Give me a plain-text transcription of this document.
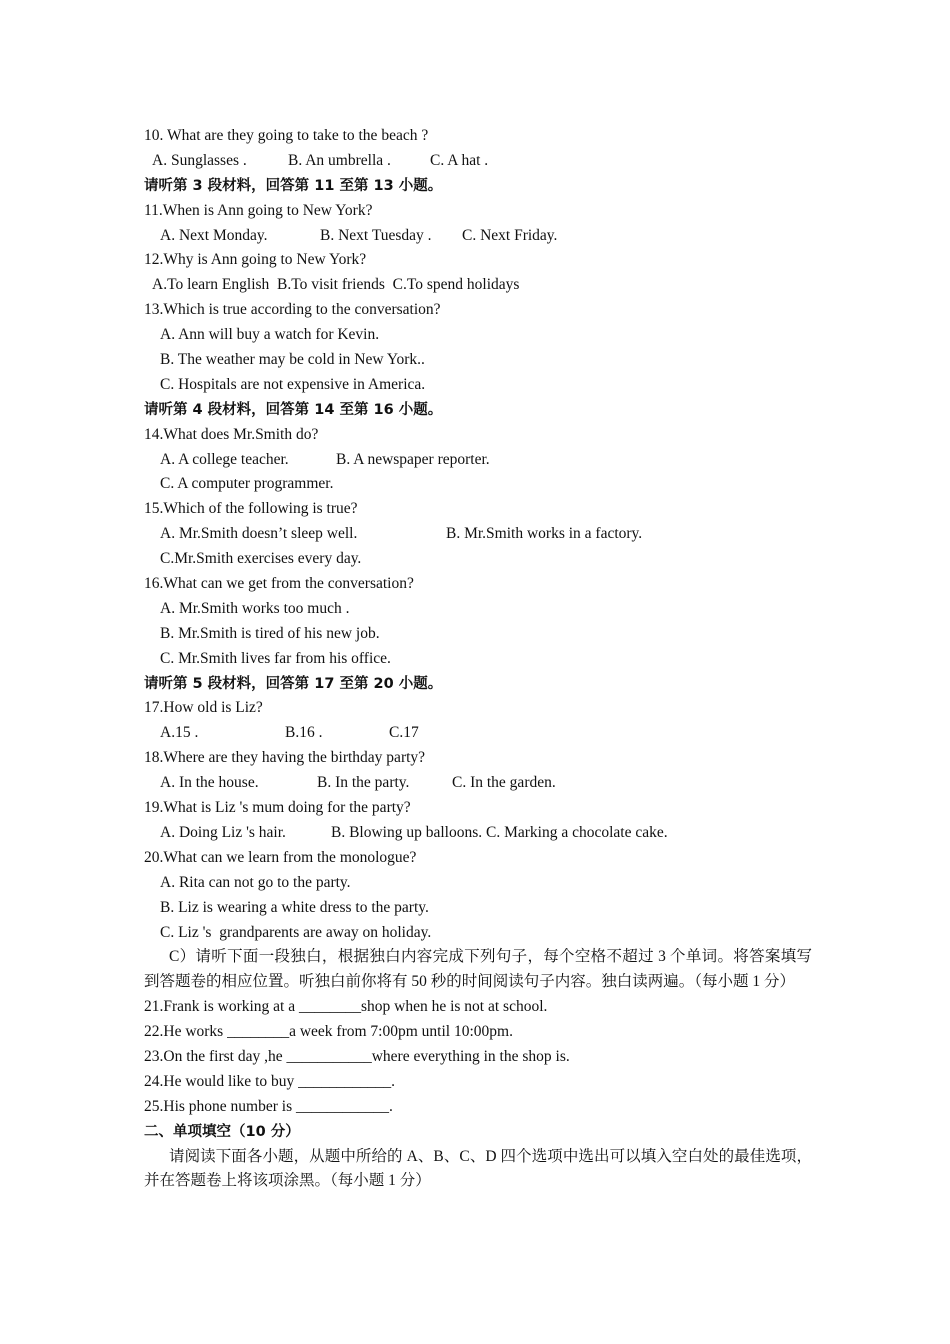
10. What are they going to take to the beach ?
A. Sunglasses .	B. An umbrella .	C. A hat .
请听第 3 段材料，回答第 11 至第 13 小题。
11.When is Ann going to New York?
A. Next Monday.	B. Next Tuesday . C. Next Friday.
12.Why is Ann going to New York?
A.To learn English  B.To visit friends  C.To spend holidays
13.Which is true according to the conversation?
A. Ann will buy a watch for Kevin.
B. The weather may be cold in New York..
C. Hospitals are not expensive in America.
请听第 4 段材料，回答第 14 至第 16 小题。
14.What does Mr.Smith do?
A. A college teacher.	B. A newspaper reporter.
C. A computer programmer.
15.Which of the following is true?
A. Mr.Smith doesn’t sleep well.	B. Mr.Smith works in a factory.
C.Mr.Smith exercises every day.
16.What can we get from the conversation?
A. Mr.Smith works too much .
B. Mr.Smith is tired of his new job.
C. Mr.Smith lives far from his office.
请听第 5 段材料，回答第 17 至第 20 小题。
17.How old is Liz?
A.15 .	B.16 .	C.17
18.Where are they having the birthday party?
A. In the house.	B. In the party.	C. In the garden.
19.What is Liz 's mum doing for the party?
A. Doing Liz 's hair.	B. Blowing up balloons. C. Marking a chocolate cake.
20.What can we learn from the monologue?
A. Rita can not go to the party.
B. Liz is wearing a white dress to the party.
C. Liz 's  grandparents are away on holiday.
C）请听下面一段独白，根据独白内容完成下列句子，每个空格不超过 3 个单词。将答案填写到答题卷的相应位置。听独白前你将有 50 秒的时间阅读句子内容。独白读两遍。（每小题 1 分）
21.Frank is working at a ________shop when he is not at school.
22.He works ________a week from 7:00pm until 10:00pm.
23.On the first day ,he ___________where everything in the shop is.
24.He would like to buy ____________.
25.His phone number is ____________.
二、单项填空（10 分）
请阅读下面各小题，从题中所给的 A、B、C、D 四个选项中选出可以填入空白处的最佳选项，并在答题卷上将该项涂黑。（每小题 1 分）
